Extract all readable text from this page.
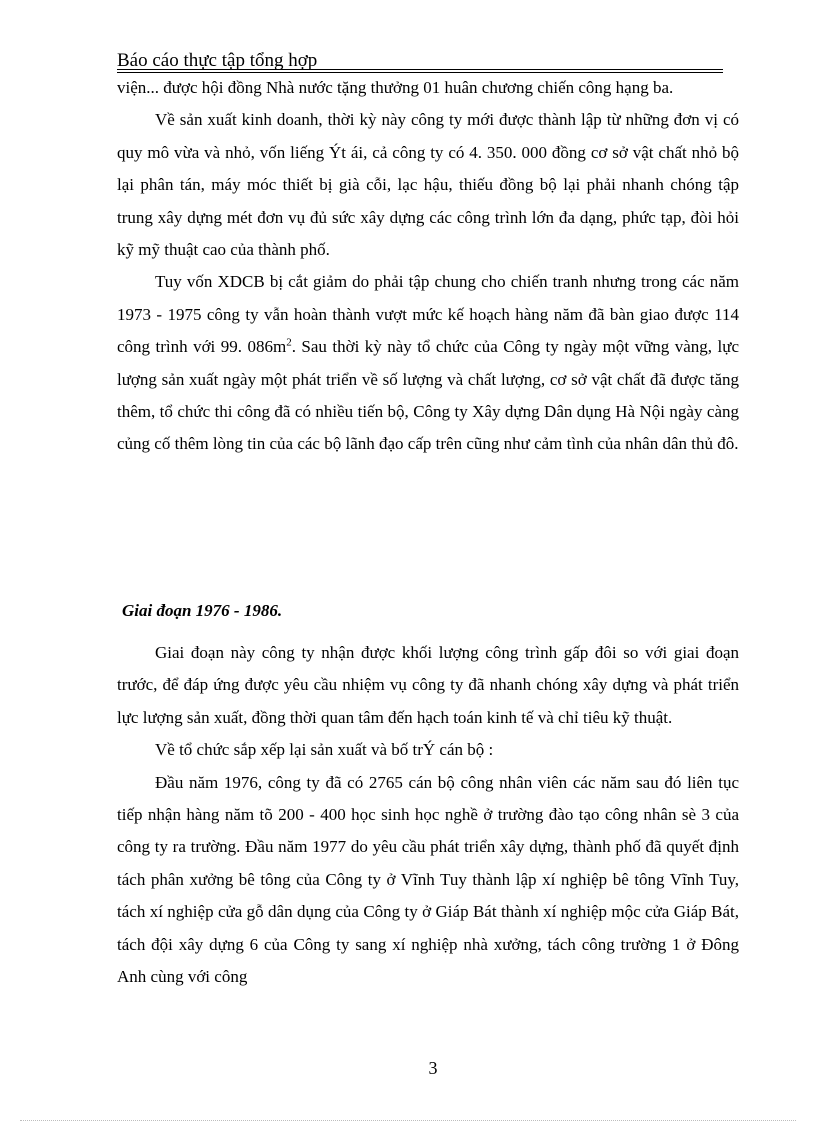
Báo cáo thực tập tổng hợp

viện... được hội đồng Nhà nước tặng thưởng 01 huân chương chiến công hạng ba.

Về sản xuất kinh doanh, thời kỳ này công ty mới được thành lập từ những đơn vị có quy mô vừa và nhỏ, vốn liếng Ýt ái, cả công ty có 4. 350. 000 đồng cơ sở vật chất nhỏ bộ lại phân tán, máy móc thiết bị già cỗi, lạc hậu, thiếu đồng bộ lại phải nhanh chóng tập trung xây dựng mét đơn vụ đủ sức xây dựng các công trình lớn đa dạng, phức tạp, đòi hỏi kỹ mỹ thuật cao của thành phố.

Tuy vốn XDCB bị cắt giảm do phải tập chung cho chiến tranh nhưng trong các năm 1973 - 1975 công ty vẫn hoàn thành vượt mức kế hoạch hàng năm đã bàn giao được 114 công trình với 99. $086m^2$. Sau thời kỳ này tổ chức của Công ty ngày một vững vàng, lực lượng sản xuất ngày một phát triển về số lượng và chất lượng, cơ sở vật chất đã được tăng thêm, tổ chức thi công đã có nhiều tiến bộ, Công ty Xây dựng Dân dụng Hà Nội ngày càng củng cố thêm lòng tin của các bộ lãnh đạo cấp trên cũng như cảm tình của nhân dân thủ đô.

Giai đoạn 1976 - 1986.

Giai đoạn này công ty nhận được khối lượng công trình gấp đôi so với giai đoạn trước, để đáp ứng được yêu cầu nhiệm vụ công ty đã nhanh chóng xây dựng và phát triển lực lượng sản xuất, đồng thời quan tâm đến hạch toán kinh tế và chỉ tiêu kỹ thuật.

Về tổ chức sắp xếp lại sản xuất và bố trÝ cán bộ :

Đầu năm 1976, công ty đã có 2765 cán bộ công nhân viên các năm sau đó liên tục tiếp nhận hàng năm tõ 200 - 400 học sinh học nghề ở trường đào tạo công nhân sè 3 của công ty ra trường. Đầu năm 1977 do yêu cầu phát triển xây dựng, thành phố đã quyết định tách phân xưởng bê tông của Công ty ở Vĩnh Tuy thành lập xí nghiệp bê tông Vĩnh Tuy, tách xí nghiệp cửa gỗ dân dụng của Công ty ở Giáp Bát thành xí nghiệp mộc cửa Giáp Bát, tách đội xây dựng 6 của Công ty sang xí nghiệp nhà xưởng, tách công trường 1 ở Đông Anh cùng với công

3
